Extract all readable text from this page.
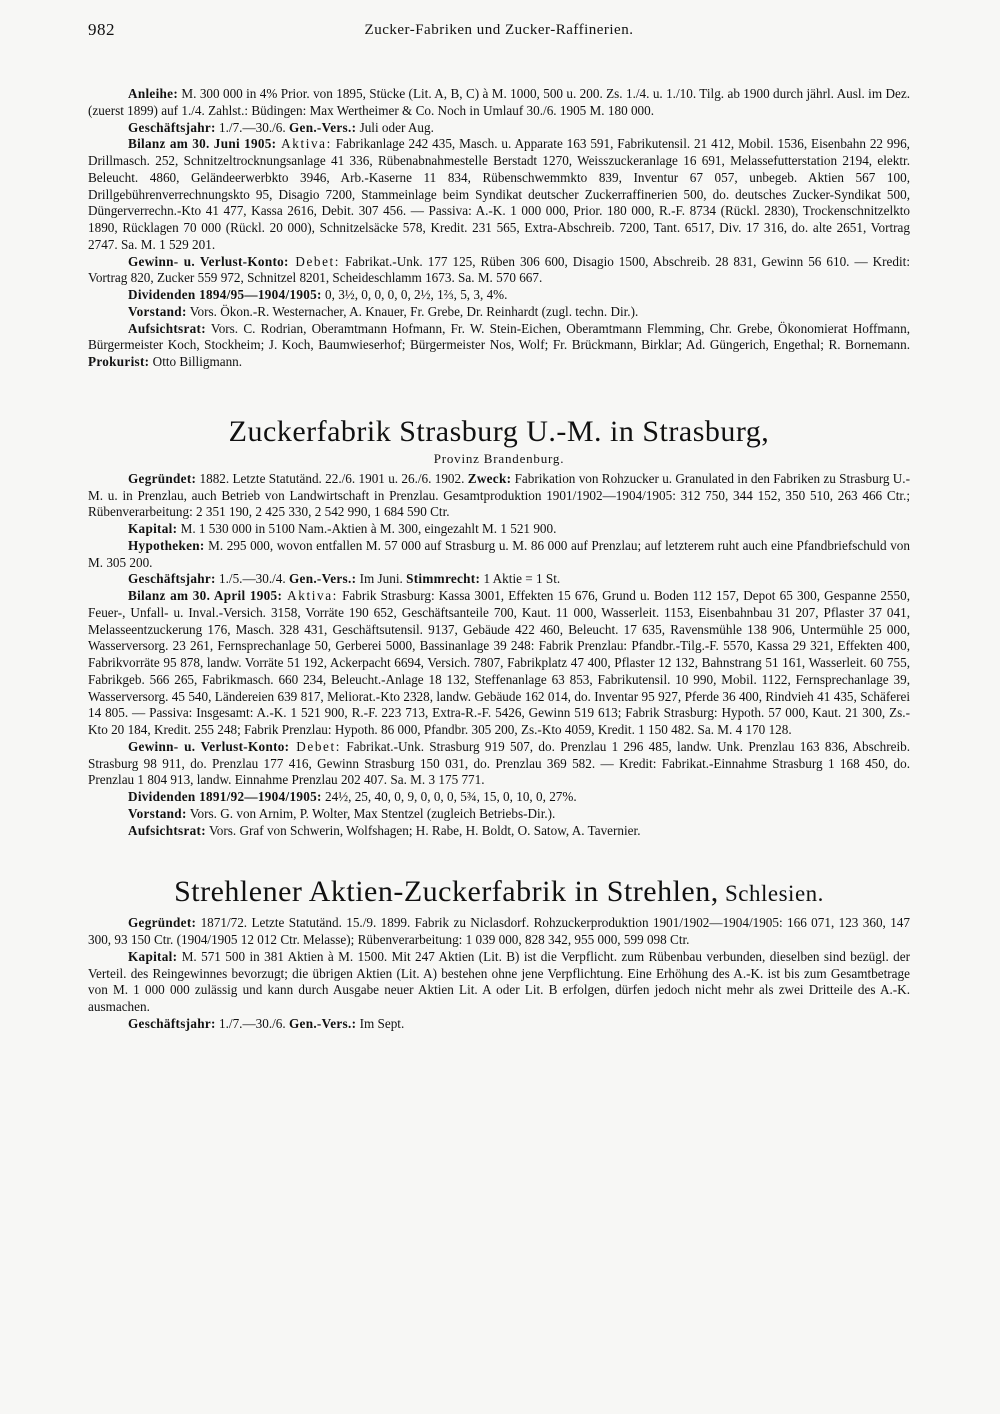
982	Zucker-Fabriken und Zucker-Raffinerien.

Anleihe: M. 300 000 in 4% Prior. von 1895, Stücke (Lit. A, B, C) à M. 1000, 500 u. 200. Zs. 1./4. u. 1./10. Tilg. ab 1900 durch jährl. Ausl. im Dez. (zuerst 1899) auf 1./4. Zahlst.: Büdingen: Max Wertheimer & Co. Noch in Umlauf 30./6. 1905 M. 180 000.

Geschäftsjahr: 1./7.—30./6. Gen.-Vers.: Juli oder Aug.

Bilanz am 30. Juni 1905: Aktiva: Fabrikanlage 242 435, Masch. u. Apparate 163 591, Fabrikutensil. 21 412, Mobil. 1536, Eisenbahn 22 996, Drillmasch. 252, Schnitzeltrocknungsanlage 41 336, Rübenabnahmestelle Berstadt 1270, Weisszuckeranlage 16 691, Melassefutterstation 2194, elektr. Beleucht. 4860, Geländeerwerbkto 3946, Arb.-Kaserne 11 834, Rübenschwemmkto 839, Inventur 67 057, unbegeb. Aktien 567 100, Drillgebührenverrechnungskto 95, Disagio 7200, Stammeinlage beim Syndikat deutscher Zuckerraffinerien 500, do. deutsches Zucker-Syndikat 500, Düngerverrechn.-Kto 41 477, Kassa 2616, Debit. 307 456. — Passiva: A.-K. 1 000 000, Prior. 180 000, R.-F. 8734 (Rückl. 2830), Trockenschnitzelkto 1890, Rücklagen 70 000 (Rückl. 20 000), Schnitzelsäcke 578, Kredit. 231 565, Extra-Abschreib. 7200, Tant. 6517, Div. 17 316, do. alte 2651, Vortrag 2747. Sa. M. 1 529 201.

Gewinn- u. Verlust-Konto: Debet: Fabrikat.-Unk. 177 125, Rüben 306 600, Disagio 1500, Abschreib. 28 831, Gewinn 56 610. — Kredit: Vortrag 820, Zucker 559 972, Schnitzel 8201, Scheideschlamm 1673. Sa. M. 570 667.

Dividenden 1894/95—1904/1905: 0, 3½, 0, 0, 0, 0, 2½, 1⅔, 5, 3, 4%.

Vorstand: Vors. Ökon.-R. Westernacher, A. Knauer, Fr. Grebe, Dr. Reinhardt (zugl. techn. Dir.).

Aufsichtsrat: Vors. C. Rodrian, Oberamtmann Hofmann, Fr. W. Stein-Eichen, Oberamtmann Flemming, Chr. Grebe, Ökonomierat Hoffmann, Bürgermeister Koch, Stockheim; J. Koch, Baumwieserhof; Bürgermeister Nos, Wolf; Fr. Brückmann, Birklar; Ad. Güngerich, Engethal; R. Bornemann. Prokurist: Otto Billigmann.

Zuckerfabrik Strasburg U.-M. in Strasburg,
Provinz Brandenburg.

Gegründet: 1882. Letzte Statutänd. 22./6. 1901 u. 26./6. 1902. Zweck: Fabrikation von Rohzucker u. Granulated in den Fabriken zu Strasburg U.-M. u. in Prenzlau, auch Betrieb von Landwirtschaft in Prenzlau. Gesamtproduktion 1901/1902—1904/1905: 312 750, 344 152, 350 510, 263 466 Ctr.; Rübenverarbeitung: 2 351 190, 2 425 330, 2 542 990, 1 684 590 Ctr.

Kapital: M. 1 530 000 in 5100 Nam.-Aktien à M. 300, eingezahlt M. 1 521 900.

Hypotheken: M. 295 000, wovon entfallen M. 57 000 auf Strasburg u. M. 86 000 auf Prenzlau; auf letzterem ruht auch eine Pfandbriefschuld von M. 305 200.

Geschäftsjahr: 1./5.—30./4. Gen.-Vers.: Im Juni. Stimmrecht: 1 Aktie = 1 St.

Bilanz am 30. April 1905: Aktiva: Fabrik Strasburg: Kassa 3001, Effekten 15 676, Grund u. Boden 112 157, Depot 65 300, Gespanne 2550, Feuer-, Unfall- u. Inval.-Versich. 3158, Vorräte 190 652, Geschäftsanteile 700, Kaut. 11 000, Wasserleit. 1153, Eisenbahnbau 31 207, Pflaster 37 041, Melasseentzuckerung 176, Masch. 328 431, Geschäftsutensil. 9137, Gebäude 422 460, Beleucht. 17 635, Ravensmühle 138 906, Untermühle 25 000, Wasserversorg. 23 261, Fernsprechanlage 50, Gerberei 5000, Bassinanlage 39 248: Fabrik Prenzlau: Pfandbr.-Tilg.-F. 5570, Kassa 29 321, Effekten 400, Fabrikvorräte 95 878, landw. Vorräte 51 192, Ackerpacht 6694, Versich. 7807, Fabrikplatz 47 400, Pflaster 12 132, Bahnstrang 51 161, Wasserleit. 60 755, Fabrikgeb. 566 265, Fabrikmasch. 660 234, Beleucht.-Anlage 18 132, Steffenanlage 63 853, Fabrikutensil. 10 990, Mobil. 1122, Fernsprechanlage 39, Wasserversorg. 45 540, Ländereien 639 817, Meliorat.-Kto 2328, landw. Gebäude 162 014, do. Inventar 95 927, Pferde 36 400, Rindvieh 41 435, Schäferei 14 805. — Passiva: Insgesamt: A.-K. 1 521 900, R.-F. 223 713, Extra-R.-F. 5426, Gewinn 519 613; Fabrik Strasburg: Hypoth. 57 000, Kaut. 21 300, Zs.-Kto 20 184, Kredit. 255 248; Fabrik Prenzlau: Hypoth. 86 000, Pfandbr. 305 200, Zs.-Kto 4059, Kredit. 1 150 482. Sa. M. 4 170 128.

Gewinn- u. Verlust-Konto: Debet: Fabrikat.-Unk. Strasburg 919 507, do. Prenzlau 1 296 485, landw. Unk. Prenzlau 163 836, Abschreib. Strasburg 98 911, do. Prenzlau 177 416, Gewinn Strasburg 150 031, do. Prenzlau 369 582. — Kredit: Fabrikat.-Einnahme Strasburg 1 168 450, do. Prenzlau 1 804 913, landw. Einnahme Prenzlau 202 407. Sa. M. 3 175 771.

Dividenden 1891/92—1904/1905: 24½, 25, 40, 0, 9, 0, 0, 0, 5¾, 15, 0, 10, 0, 27%.

Vorstand: Vors. G. von Arnim, P. Wolter, Max Stentzel (zugleich Betriebs-Dir.).

Aufsichtsrat: Vors. Graf von Schwerin, Wolfshagen; H. Rabe, H. Boldt, O. Satow, A. Tavernier.

Strehlener Aktien-Zuckerfabrik in Strehlen, Schlesien.

Gegründet: 1871/72. Letzte Statutänd. 15./9. 1899. Fabrik zu Niclasdorf. Rohzuckerproduktion 1901/1902—1904/1905: 166 071, 123 360, 147 300, 93 150 Ctr. (1904/1905 12 012 Ctr. Melasse); Rübenverarbeitung: 1 039 000, 828 342, 955 000, 599 098 Ctr.

Kapital: M. 571 500 in 381 Aktien à M. 1500. Mit 247 Aktien (Lit. B) ist die Verpflicht. zum Rübenbau verbunden, dieselben sind bezügl. der Verteil. des Reingewinnes bevorzugt; die übrigen Aktien (Lit. A) bestehen ohne jene Verpflichtung. Eine Erhöhung des A.-K. ist bis zum Gesamtbetrage von M. 1 000 000 zulässig und kann durch Ausgabe neuer Aktien Lit. A oder Lit. B erfolgen, dürfen jedoch nicht mehr als zwei Dritteile des A.-K. ausmachen.

Geschäftsjahr: 1./7.—30./6. Gen.-Vers.: Im Sept.
